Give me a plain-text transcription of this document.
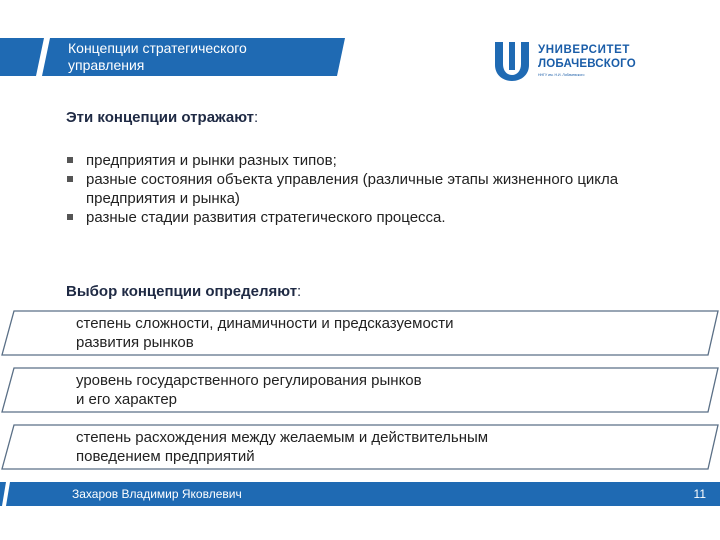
Концепции стратегического
управления
УНИВЕРСИТЕТ
ЛОБАЧЕВСКОГО
ННГУ им. Н.И. Лобачевского
Эти концепции отражают:
предприятия и рынки разных типов;
разные состояния объекта управления (различные этапы жизненного цикла предприятия и рынка)
разные стадии развития стратегического процесса.
Выбор концепции определяют:
степень сложности, динамичности и предсказуемости
развития рынков
уровень государственного регулирования рынков
и его характер
степень расхождения между желаемым и действительным
поведением предприятий
Захаров Владимир Яковлевич	11
